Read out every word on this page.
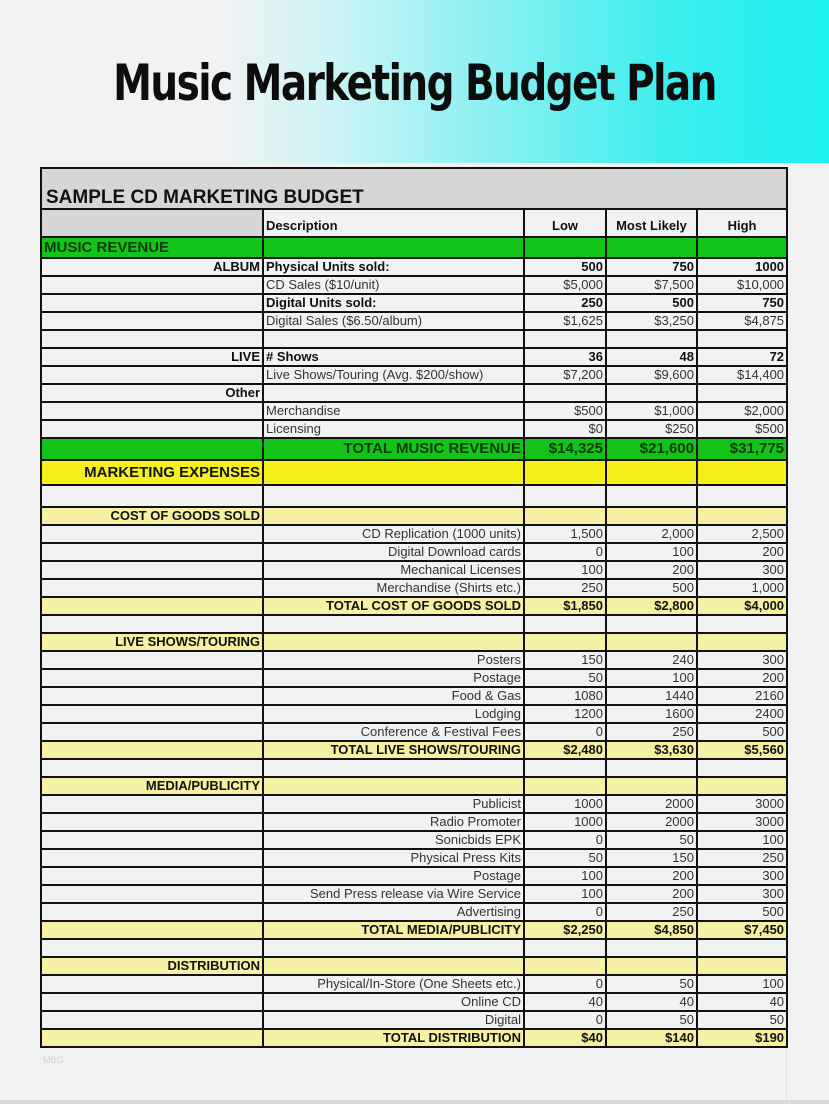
Music Marketing Budget Plan
SAMPLE CD MARKETING BUDGET				
	Description	Low	Most Likely	High
MUSIC REVENUE				
ALBUM	Physical Units sold:	500	750	1000
	CD Sales ($10/unit)	$5,000	$7,500	$10,000
	Digital Units sold:	250	500	750
	Digital Sales ($6.50/album)	$1,625	$3,250	$4,875

LIVE	# Shows	36	48	72
	Live Shows/Touring (Avg. $200/show)	$7,200	$9,600	$14,400
Other				
	Merchandise	$500	$1,000	$2,000
	Licensing	$0	$250	$500
	TOTAL MUSIC REVENUE	$14,325	$21,600	$31,775
MARKETING EXPENSES				

COST OF GOODS SOLD				
	CD Replication (1000 units)	1,500	2,000	2,500
	Digital Download cards	0	100	200
	Mechanical Licenses	100	200	300
	Merchandise (Shirts etc.)	250	500	1,000
	TOTAL COST OF GOODS SOLD	$1,850	$2,800	$4,000

LIVE SHOWS/TOURING				
	Posters	150	240	300
	Postage	50	100	200
	Food & Gas	1080	1440	2160
	Lodging	1200	1600	2400
	Conference & Festival Fees	0	250	500
	TOTAL LIVE SHOWS/TOURING	$2,480	$3,630	$5,560

MEDIA/PUBLICITY				
	Publicist	1000	2000	3000
	Radio Promoter	1000	2000	3000
	Sonicbids EPK	0	50	100
	Physical Press Kits	50	150	250
	Postage	100	200	300
	Send Press release via Wire Service	100	200	300
	Advertising	0	250	500
	TOTAL MEDIA/PUBLICITY	$2,250	$4,850	$7,450

DISTRIBUTION				
	Physical/In-Store (One Sheets etc.)	0	50	100
	Online CD	40	40	40
	Digital	0	50	50
	TOTAL DISTRIBUTION	$40	$140	$190
MBG
